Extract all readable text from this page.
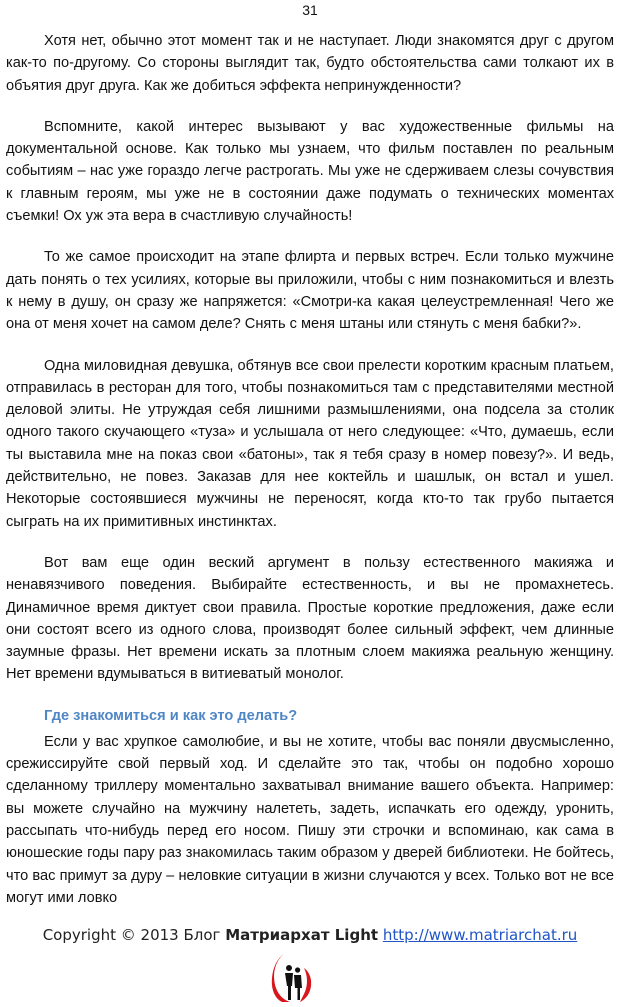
31

Хотя нет, обычно этот момент так и не наступает. Люди знакомятся друг с другом как-то по-другому. Со стороны выглядит так, будто обстоятельства сами толкают их в объятия друг друга. Как же добиться эффекта непринужденности?

Вспомните, какой интерес вызывают у вас художественные фильмы на документальной основе. Как только мы узнаем, что фильм поставлен по реальным событиям – нас уже гораздо легче растрогать. Мы уже не сдерживаем слезы сочувствия к главным героям, мы уже не в состоянии даже подумать о технических моментах съемки! Ох уж эта вера в счастливую случайность!

То же самое происходит на этапе флирта и первых встреч. Если только мужчине дать понять о тех усилиях, которые вы приложили, чтобы с ним познакомиться и влезть к нему в душу, он сразу же напряжется: «Смотри-ка какая целеустремленная! Чего же она от меня хочет на самом деле? Снять с меня штаны или стянуть с меня бабки?».

Одна миловидная девушка, обтянув все свои прелести коротким красным платьем, отправилась в ресторан для того, чтобы познакомиться там с представителями местной деловой элиты. Не утруждая себя лишними размышлениями, она подсела за столик одного такого скучающего «туза» и услышала от него следующее: «Что, думаешь, если ты выставила мне на показ свои «батоны», так я тебя сразу в номер повезу?». И ведь, действительно, не повез. Заказав для нее коктейль и шашлык, он встал и ушел. Некоторые состоявшиеся мужчины не переносят, когда кто-то так грубо пытается сыграть на их примитивных инстинктах.

Вот вам еще один веский аргумент в пользу естественного макияжа и ненавязчивого поведения. Выбирайте естественность, и вы не промахнетесь. Динамичное время диктует свои правила. Простые короткие предложения, даже если они состоят всего из одного слова, производят более сильный эффект, чем длинные заумные фразы. Нет времени искать за плотным слоем макияжа реальную женщину. Нет времени вдумываться в витиеватый монолог.

Где знакомиться и как это делать?

Если у вас хрупкое самолюбие, и вы не хотите, чтобы вас поняли двусмысленно, срежиссируйте свой первый ход. И сделайте это так, чтобы он подобно хорошо сделанному триллеру моментально захватывал внимание вашего объекта. Например: вы можете случайно на мужчину налететь, задеть, испачкать его одежду, уронить, рассыпать что-нибудь перед его носом. Пишу эти строчки и вспоминаю, как сама в юношеские годы пару раз знакомилась таким образом у дверей библиотеки. Не бойтесь, что вас примут за дуру – неловкие ситуации в жизни случаются у всех. Только вот не все могут ими ловко

Copyright © 2013 Блог Матриархат Light http://www.matriarchat.ru
